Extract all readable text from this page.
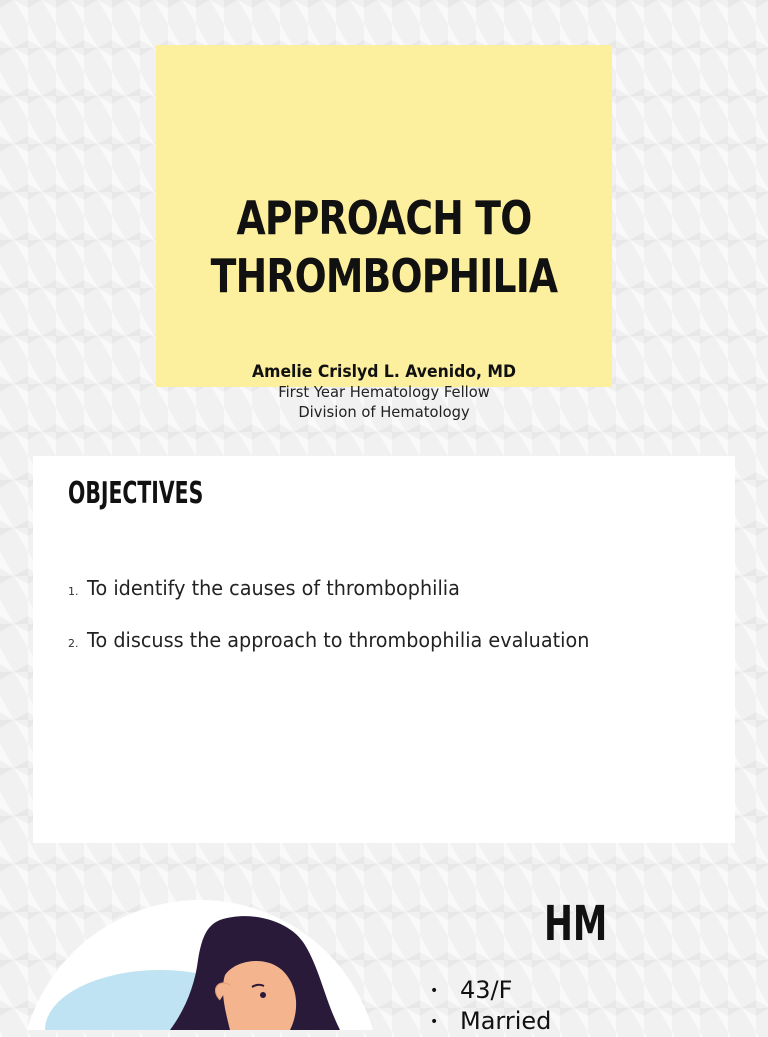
APPROACH TO
THROMBOPHILIA
Amelie Crislyd L. Avenido, MD
First Year Hematology Fellow
Division of Hematology
OBJECTIVES
1. To identify the causes of thrombophilia
2. To discuss the approach to thrombophilia evaluation
HM
• 43/F
• Married
